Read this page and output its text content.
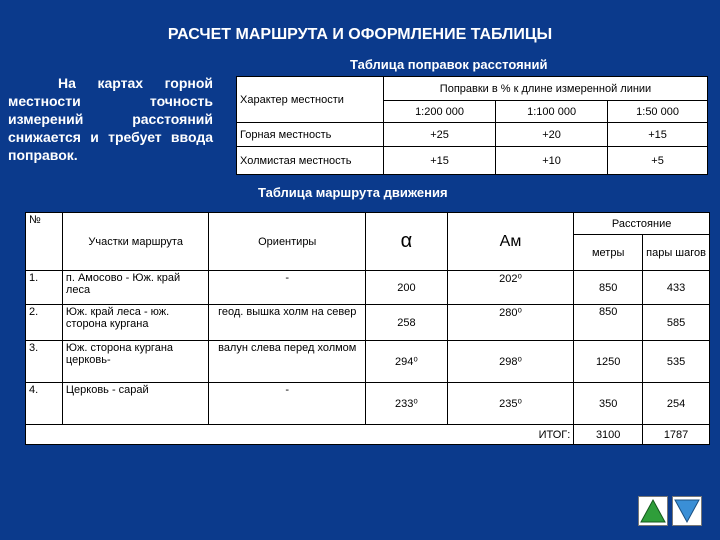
РАСЧЕТ МАРШРУТА И ОФОРМЛЕНИЕ ТАБЛИЦЫ
На картах горной местности точность измерений расстояний снижается и требует ввода поправок.
Таблица поправок расстояний
Характер местности	Поправки в % к длине измеренной линии		
	1:200 000	1:100 000	1:50 000
Горная местность	+25	+20	+15
Холмистая местность	+15	+10	+5
Таблица маршрута движения
№	Участки маршрута	Ориентиры	α	Aм	Расстояние	
					метры	пары шагов
1.	п. Амосово - Юж. край леса	-	200	202⁰	850	433
2.	Юж. край леса - юж. сторона кургана	геод. вышка холм на север	258	280⁰	850	585
3.	Юж. сторона кургана церковь-	валун слева перед холмом	294⁰	298⁰	1250	535
4.	Церковь - сарай	-	233⁰	235⁰	350	254
ИТОГ:					3100	1787
